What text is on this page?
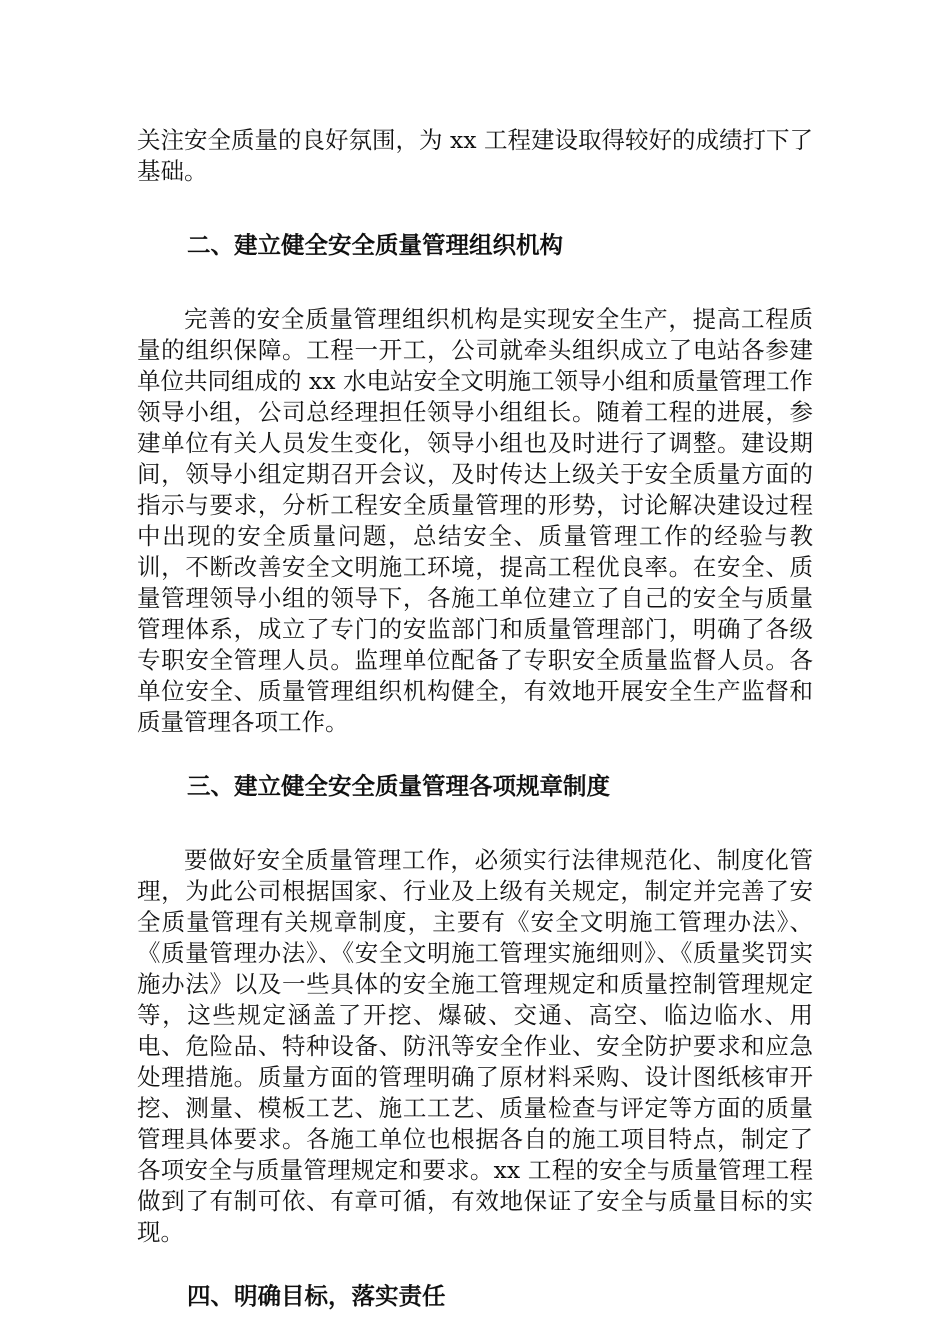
关注安全质量的良好氛围，为 xx 工程建设取得较好的成绩打下了基础。

二、建立健全安全质量管理组织机构

完善的安全质量管理组织机构是实现安全生产，提高工程质量的组织保障。工程一开工，公司就牵头组织成立了电站各参建单位共同组成的 xx 水电站安全文明施工领导小组和质量管理工作领导小组，公司总经理担任领导小组组长。随着工程的进展，参建单位有关人员发生变化，领导小组也及时进行了调整。建设期间，领导小组定期召开会议，及时传达上级关于安全质量方面的指示与要求，分析工程安全质量管理的形势，讨论解决建设过程中出现的安全质量问题，总结安全、质量管理工作的经验与教训，不断改善安全文明施工环境，提高工程优良率。在安全、质量管理领导小组的领导下，各施工单位建立了自己的安全与质量管理体系，成立了专门的安监部门和质量管理部门，明确了各级专职安全管理人员。监理单位配备了专职安全质量监督人员。各单位安全、质量管理组织机构健全，有效地开展安全生产监督和质量管理各项工作。

三、建立健全安全质量管理各项规章制度

要做好安全质量管理工作，必须实行法律规范化、制度化管理，为此公司根据国家、行业及上级有关规定，制定并完善了安全质量管理有关规章制度，主要有《安全文明施工管理办法》、《质量管理办法》、《安全文明施工管理实施细则》、《质量奖罚实施办法》以及一些具体的安全施工管理规定和质量控制管理规定等，这些规定涵盖了开挖、爆破、交通、高空、临边临水、用电、危险品、特种设备、防汛等安全作业、安全防护要求和应急处理措施。质量方面的管理明确了原材料采购、设计图纸核审开挖、测量、模板工艺、施工工艺、质量检查与评定等方面的质量管理具体要求。各施工单位也根据各自的施工项目特点，制定了各项安全与质量管理规定和要求。xx 工程的安全与质量管理工程做到了有制可依、有章可循，有效地保证了安全与质量目标的实现。

四、明确目标，落实责任
